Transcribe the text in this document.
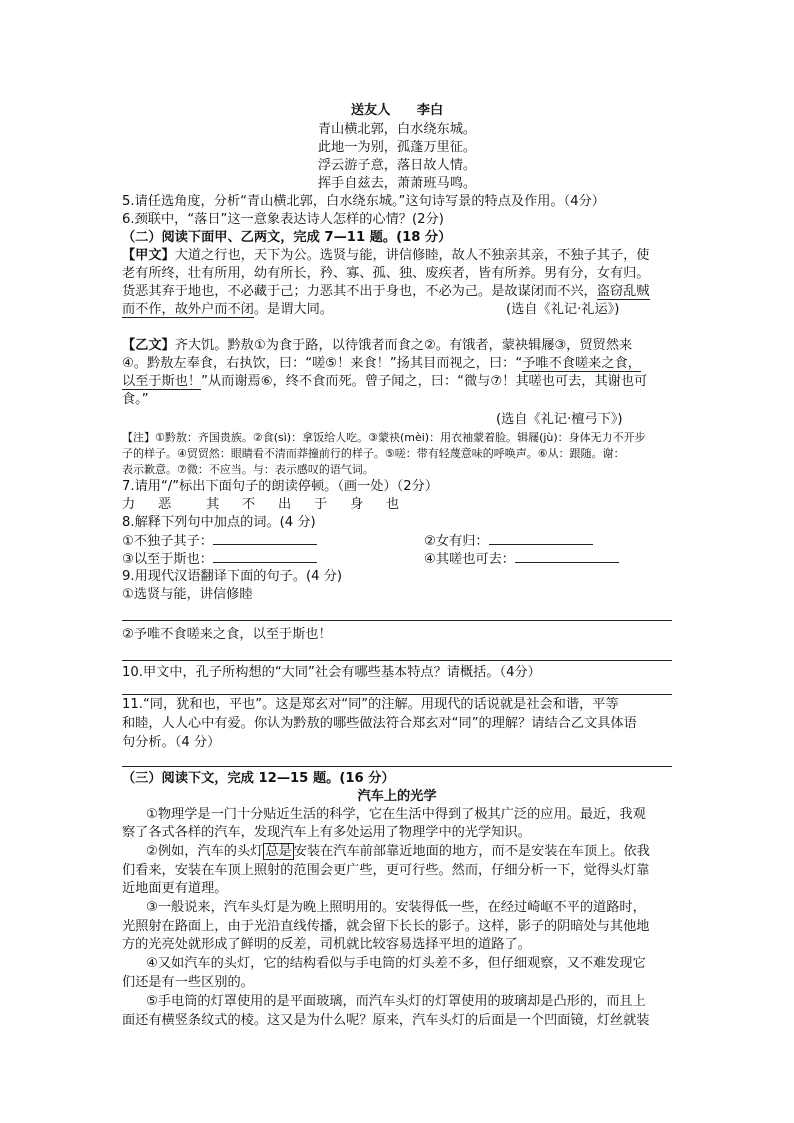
送友人　　李白
青山横北郭，白水绕东城。
此地一为别，孤蓬万里征。
浮云游子意，落日故人情。
挥手自兹去，萧萧班马鸣。
5.请任选角度，分析“青山横北郭，白水绕东城。”这句诗写景的特点及作用。（4分）
6.颈联中，“落日”这一意象表达诗人怎样的心情？(2分)
（二）阅读下面甲、乙两文，完成 7—11 题。(18 分）
【甲文】大道之行也，天下为公。选贤与能，讲信修睦，故人不独亲其亲，不独子其子，使
老有所终，壮有所用，幼有所长，矜、寡、孤、独、废疾者，皆有所养。男有分，女有归。
货恶其弃于地也，不必藏于己；力恶其不出于身也，不必为己。是故谋闭而不兴，盗窃乱贼
而不作，故外户而不闭。是谓大同。	(选自《礼记·礼运》)
【乙文】齐大饥。黔敖①为食于路，以待饿者而食之②。有饿者，蒙袂辑屦③，贸贸然来
④。黔敖左奉食，右执饮，曰：“嗟⑤！来食！”扬其目而视之，曰：“予唯不食嗟来之食，
以至于斯也！”从而谢焉⑥，终不食而死。曾子闻之，曰：“微与⑦！其嗟也可去，其谢也可
食。”
(选自《礼记·檀弓下》)
【注】①黔敖：齐国贵族。②食(sì)：拿饭给人吃。③蒙袂(mèi)：用衣袖蒙着脸。辑屦(jù)：身体无力不开步
子的样子。④贸贸然：眼睛看不清而莽撞前行的样子。⑤嗟：带有轻蔑意味的呼唤声。⑥从：跟随。谢：
表示歉意。⑦微：不应当。与：表示感叹的语气词。
7.请用“/”标出下面句子的朗读停顿。（画一处）（2分）
力 恶	其 不 出 于 身 也
8.解释下列句中加点的词。(4 分)
①不独子其子：	②女有归：
③以至于斯也：	④其嗟也可去：
9.用现代汉语翻译下面的句子。(4 分)
①选贤与能，讲信修睦
②予唯不食嗟来之食，以至于斯也！
10.甲文中，孔子所构想的“大同”社会有哪些基本特点？请概括。（4分）
11.“同，犹和也，平也”。这是郑玄对“同”的注解。用现代的话说就是社会和谐，平等
和睦，人人心中有爱。你认为黔敖的哪些做法符合郑玄对“同”的理解？请结合乙文具体语
句分析。（4 分）
（三）阅读下文，完成 12—15 题。(16 分）
汽车上的光学
①物理学是一门十分贴近生活的科学，它在生活中得到了极其广泛的应用。最近，我观
察了各式各样的汽车，发现汽车上有多处运用了物理学中的光学知识。
②例如，汽车的头灯 总是 安装在汽车前部靠近地面的地方，而不是安装在车顶上。依我
们看来，安装在车顶上照射的范围会更广些，更可行些。然而，仔细分析一下，觉得头灯靠
近地面更有道理。
③一般说来，汽车头灯是为晚上照明用的。安装得低一些，在经过崎岖不平的道路时，
光照射在路面上，由于光沿直线传播，就会留下长长的影子。这样，影子的阴暗处与其他地
方的光亮处就形成了鲜明的反差，司机就比较容易选择平坦的道路了。
④又如汽车的头灯，它的结构看似与手电筒的灯头差不多，但仔细观察，又不难发现它
们还是有一些区别的。
⑤手电筒的灯罩使用的是平面玻璃，而汽车头灯的灯罩使用的玻璃却是凸形的，而且上
面还有横竖条纹式的棱。这又是为什么呢？原来，汽车头灯的后面是一个凹面镜，灯丝就装
